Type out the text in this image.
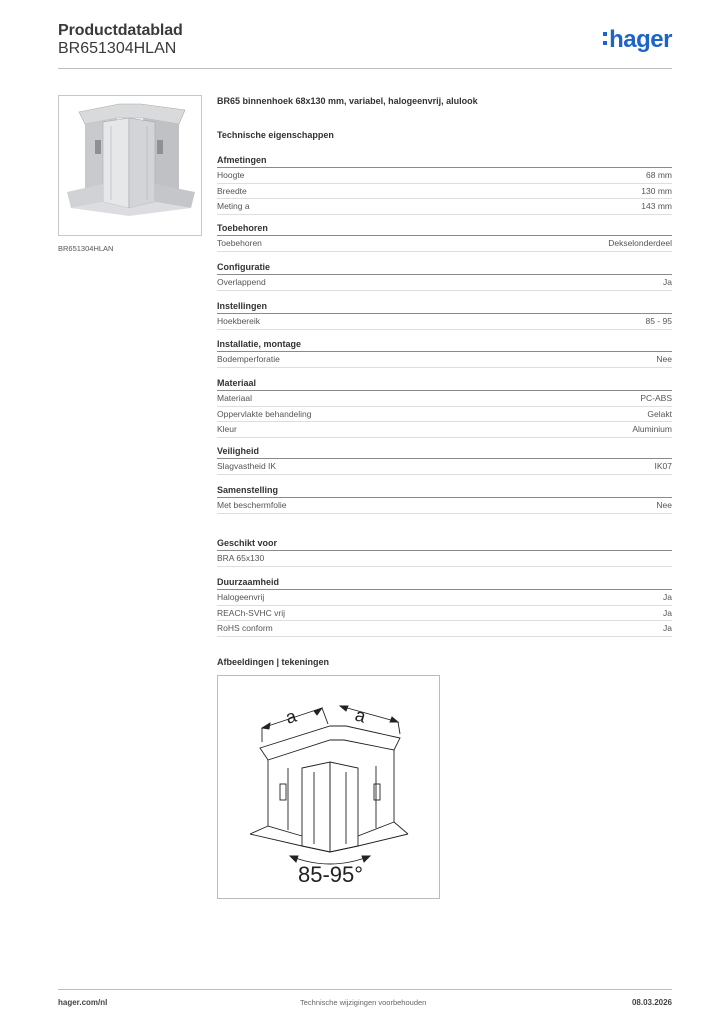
Productdatablad
BR651304HLAN	hager
BR651304HLAN
BR65 binnenhoek 68x130 mm, variabel, halogeenvrij, alulook
Technische eigenschappen
Afmetingen
Hoogte	68 mm
Breedte	130 mm
Meting a	143 mm
Toebehoren
Toebehoren	Dekselonderdeel
Configuratie
Overlappend	Ja
Instellingen
Hoekbereik	85 - 95
Installatie, montage
Bodemperforatie	Nee
Materiaal
Materiaal	PC-ABS
Oppervlakte behandeling	Gelakt
Kleur	Aluminium
Veiligheid
Slagvastheid IK	IK07
Samenstelling
Met beschermfolie	Nee
Geschikt voor
BRA 65x130
Duurzaamheid
Halogeenvrij	Ja
REACh-SVHC vrij	Ja
RoHS conform	Ja
Afbeeldingen | tekeningen
a	a
85-95°
hager.com/nl	Technische wijzigingen voorbehouden	08.03.2026
